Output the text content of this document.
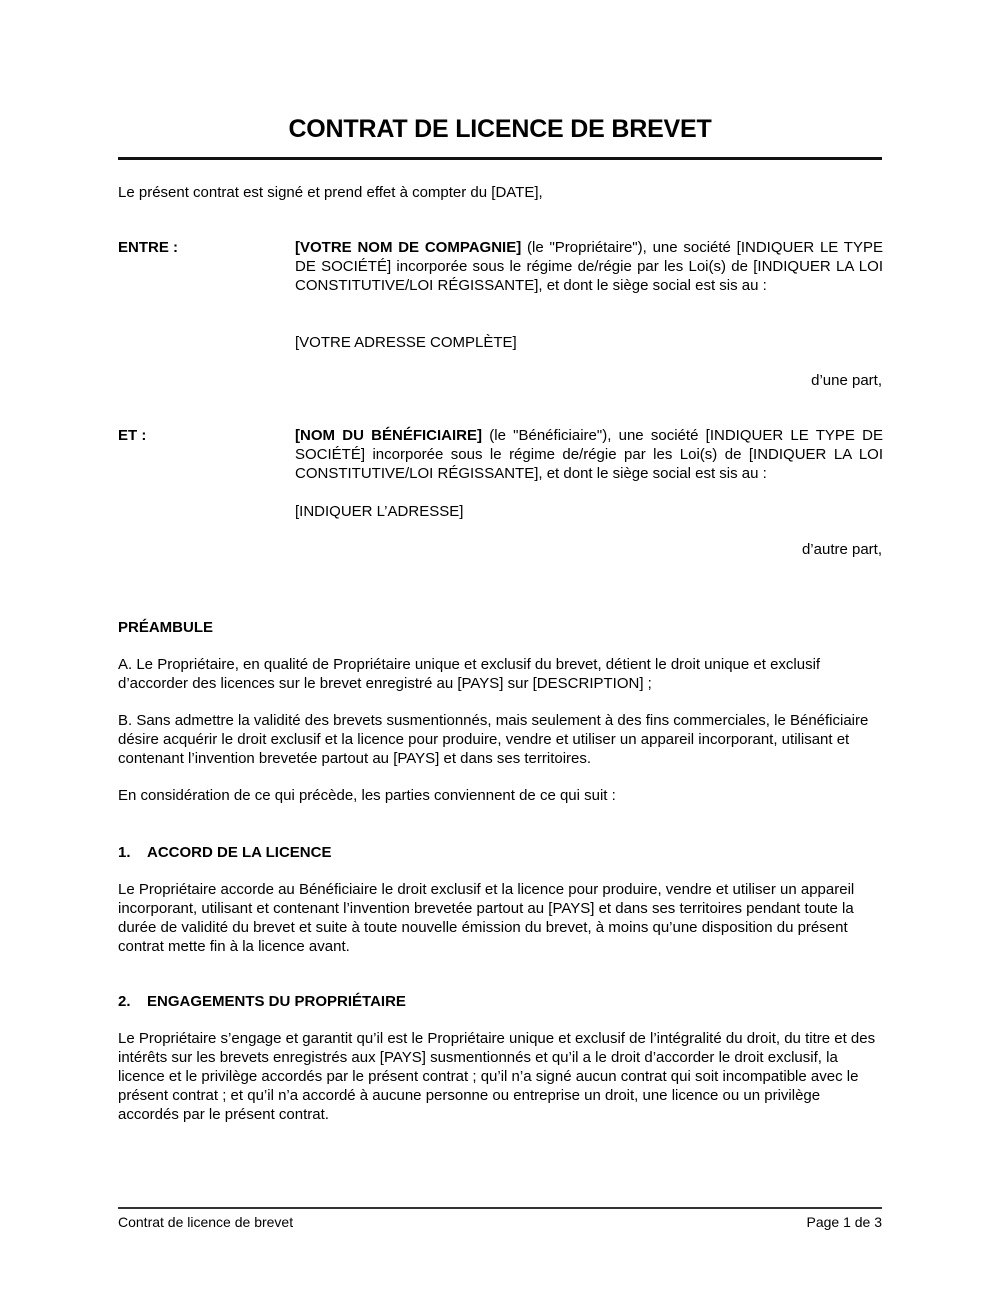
CONTRAT DE LICENCE DE BREVET
Le présent contrat est signé et prend effet à compter du [DATE],
ENTRE :	[VOTRE NOM DE COMPAGNIE] (le "Propriétaire"), une société [INDIQUER LE TYPE DE SOCIÉTÉ] incorporée sous le régime de/régie par les Loi(s) de [INDIQUER LA LOI CONSTITUTIVE/LOI RÉGISSANTE], et dont le siège social est sis au :

[VOTRE ADRESSE COMPLÈTE]
d’une part,
ET :	[NOM DU BÉNÉFICIAIRE] (le "Bénéficiaire"), une société [INDIQUER LE TYPE DE SOCIÉTÉ] incorporée sous le régime de/régie par les Loi(s) de [INDIQUER LA LOI CONSTITUTIVE/LOI RÉGISSANTE], et dont le siège social est sis au :

[INDIQUER L’ADRESSE]
d’autre part,
PRÉAMBULE
A. Le Propriétaire, en qualité de Propriétaire unique et exclusif du brevet, détient le droit unique et exclusif d’accorder des licences sur le brevet enregistré au [PAYS] sur [DESCRIPTION] ;
B. Sans admettre la validité des brevets susmentionnés, mais seulement à des fins commerciales, le Bénéficiaire désire acquérir le droit exclusif et la licence pour produire, vendre et utiliser un appareil incorporant, utilisant et contenant l’invention brevetée partout au [PAYS] et dans ses territoires.
En considération de ce qui précède, les parties conviennent de ce qui suit :
1. ACCORD DE LA LICENCE
Le Propriétaire accorde au Bénéficiaire le droit exclusif et la licence pour produire, vendre et utiliser un appareil incorporant, utilisant et contenant l’invention brevetée partout au [PAYS] et dans ses territoires pendant toute la durée de validité du brevet et suite à toute nouvelle émission du brevet, à moins qu’une disposition du présent contrat mette fin à la licence avant.
2. ENGAGEMENTS DU PROPRIÉTAIRE
Le Propriétaire s’engage et garantit qu’il est le Propriétaire unique et exclusif de l’intégralité du droit, du titre et des intérêts sur les brevets enregistrés aux [PAYS] susmentionnés et qu’il a le droit d’accorder le droit exclusif, la licence et le privilège accordés par le présent contrat ; qu’il n’a signé aucun contrat qui soit incompatible avec le présent contrat ; et qu’il n’a accordé à aucune personne ou entreprise un droit, une licence ou un privilège accordés par le présent contrat.
Contrat de licence de brevet	Page 1 de 3
